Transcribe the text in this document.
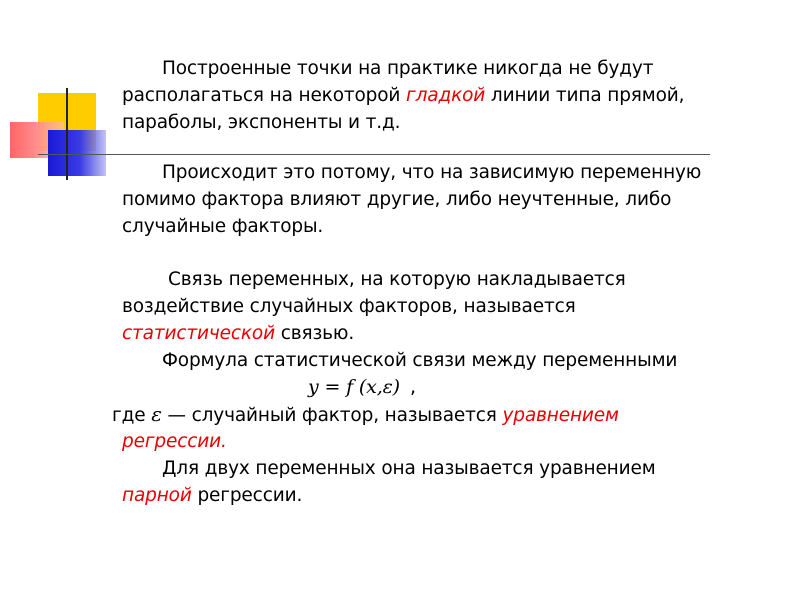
Построенные точки на практике никогда не будут
располагаться на некоторой гладкой линии типа прямой,
параболы, экспоненты и т.д.
Происходит это потому, что на зависимую переменную
помимо фактора влияют другие, либо неучтенные, либо
случайные факторы.
Связь переменных, на которую накладывается
воздействие случайных факторов, называется
статистической связью.
Формула статистической связи между переменными
y = f (x,ε) ,
где ε — случайный фактор, называется уравнением
регрессии.
Для двух переменных она называется уравнением
парной регрессии.
